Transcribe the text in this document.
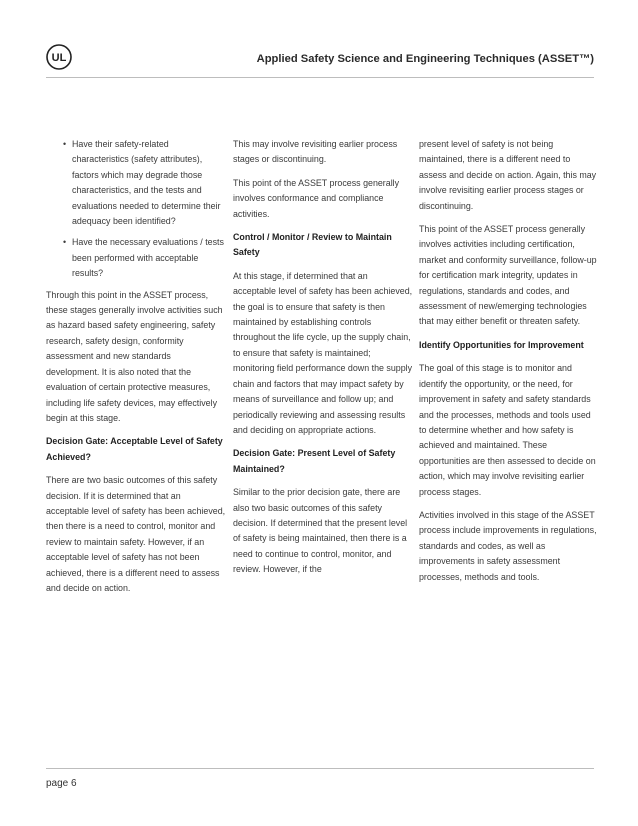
UL	Applied Safety Science and Engineering Techniques (ASSET™)
• Have their safety-related characteristics (safety attributes), factors which may degrade those characteristics, and the tests and evaluations needed to determine their adequacy been identified?
• Have the necessary evaluations / tests been performed with acceptable results?

Through this point in the ASSET process, these stages generally involve activities such as hazard based safety engineering, safety research, safety design, conformity assessment and new standards development. It is also noted that the evaluation of certain protective measures, including life safety devices, may effectively begin at this stage.

Decision Gate: Acceptable Level of Safety Achieved?

There are two basic outcomes of this safety decision. If it is determined that an acceptable level of safety has been achieved, then there is a need to control, monitor and review to maintain safety. However, if an acceptable level of safety has not been achieved, there is a different need to assess and decide on action.

This may involve revisiting earlier process stages or discontinuing.

This point of the ASSET process generally involves conformance and compliance activities.

Control / Monitor / Review to Maintain Safety

At this stage, if determined that an acceptable level of safety has been achieved, the goal is to ensure that safety is then maintained by establishing controls throughout the life cycle, up the supply chain, to ensure that safety is maintained; monitoring field performance down the supply chain and factors that may impact safety by means of surveillance and follow up; and periodically reviewing and assessing results and deciding on appropriate actions.

Decision Gate: Present Level of Safety Maintained?

Similar to the prior decision gate, there are also two basic outcomes of this safety decision. If determined that the present level of safety is being maintained, then there is a need to continue to control, monitor, and review. However, if the

present level of safety is not being maintained, there is a different need to assess and decide on action. Again, this may involve revisiting earlier process stages or discontinuing.

This point of the ASSET process generally involves activities including certification, market and conformity surveillance, follow-up for certification mark integrity, updates in regulations, standards and codes, and assessment of new/emerging technologies that may either benefit or threaten safety.

Identify Opportunities for Improvement

The goal of this stage is to monitor and identify the opportunity, or the need, for improvement in safety and safety standards and the processes, methods and tools used to determine whether and how safety is achieved and maintained. These opportunities are then assessed to decide on action, which may involve revisiting earlier process stages.

Activities involved in this stage of the ASSET process include improvements in regulations, standards and codes, as well as improvements in safety assessment processes, methods and tools.

page 6
